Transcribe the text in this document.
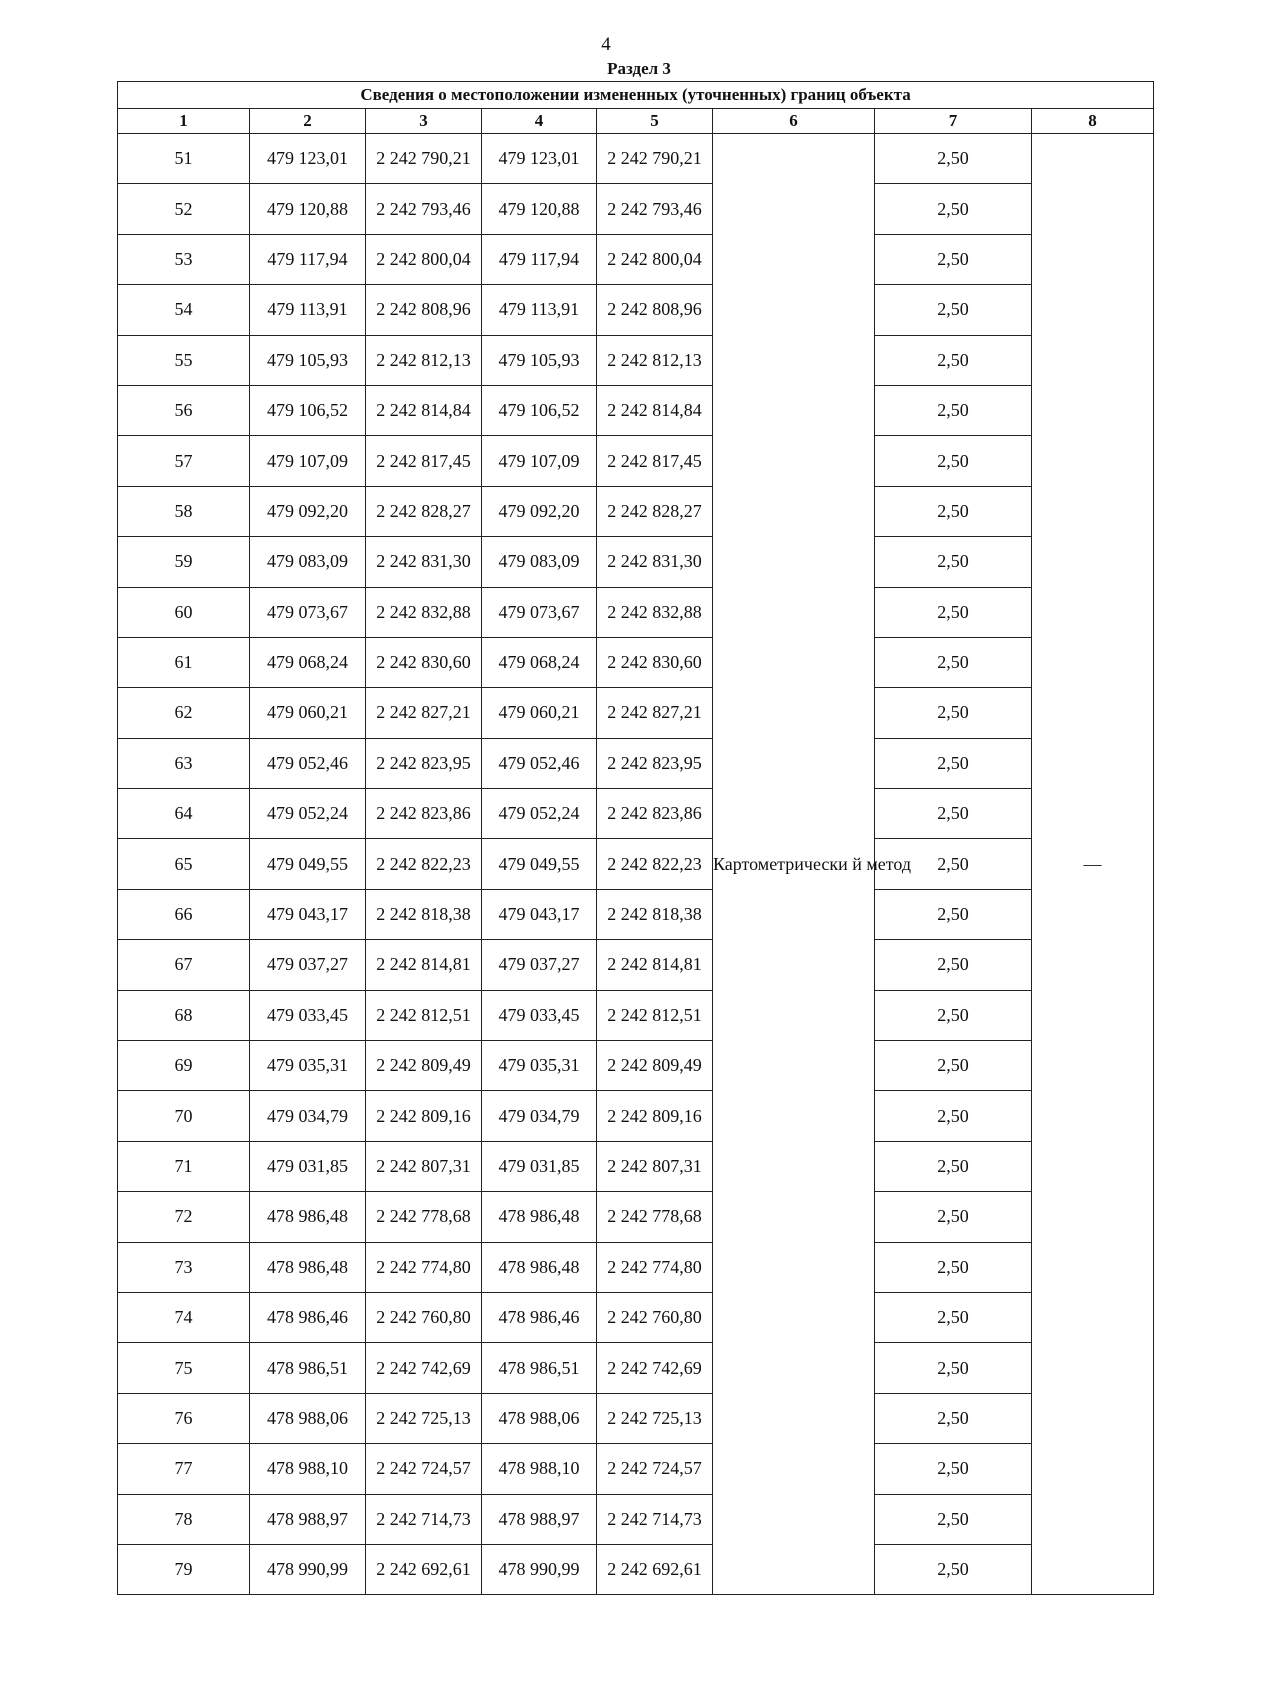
4
Раздел 3
Сведения о местоположении измененных (уточненных) границ объекта							
1	2	3	4	5	6	7	8
51	479 123,01	2 242 790,21	479 123,01	2 242 790,21	Картометрически й метод	2,50	—
52	479 120,88	2 242 793,46	479 120,88	2 242 793,46		2,50	
53	479 117,94	2 242 800,04	479 117,94	2 242 800,04		2,50	
54	479 113,91	2 242 808,96	479 113,91	2 242 808,96		2,50	
55	479 105,93	2 242 812,13	479 105,93	2 242 812,13		2,50	
56	479 106,52	2 242 814,84	479 106,52	2 242 814,84		2,50	
57	479 107,09	2 242 817,45	479 107,09	2 242 817,45		2,50	
58	479 092,20	2 242 828,27	479 092,20	2 242 828,27		2,50	
59	479 083,09	2 242 831,30	479 083,09	2 242 831,30		2,50	
60	479 073,67	2 242 832,88	479 073,67	2 242 832,88		2,50	
61	479 068,24	2 242 830,60	479 068,24	2 242 830,60		2,50	
62	479 060,21	2 242 827,21	479 060,21	2 242 827,21		2,50	
63	479 052,46	2 242 823,95	479 052,46	2 242 823,95		2,50	
64	479 052,24	2 242 823,86	479 052,24	2 242 823,86		2,50	
65	479 049,55	2 242 822,23	479 049,55	2 242 822,23		2,50	
66	479 043,17	2 242 818,38	479 043,17	2 242 818,38		2,50	
67	479 037,27	2 242 814,81	479 037,27	2 242 814,81		2,50	
68	479 033,45	2 242 812,51	479 033,45	2 242 812,51		2,50	
69	479 035,31	2 242 809,49	479 035,31	2 242 809,49		2,50	
70	479 034,79	2 242 809,16	479 034,79	2 242 809,16		2,50	
71	479 031,85	2 242 807,31	479 031,85	2 242 807,31		2,50	
72	478 986,48	2 242 778,68	478 986,48	2 242 778,68		2,50	
73	478 986,48	2 242 774,80	478 986,48	2 242 774,80		2,50	
74	478 986,46	2 242 760,80	478 986,46	2 242 760,80		2,50	
75	478 986,51	2 242 742,69	478 986,51	2 242 742,69		2,50	
76	478 988,06	2 242 725,13	478 988,06	2 242 725,13		2,50	
77	478 988,10	2 242 724,57	478 988,10	2 242 724,57		2,50	
78	478 988,97	2 242 714,73	478 988,97	2 242 714,73		2,50	
79	478 990,99	2 242 692,61	478 990,99	2 242 692,61		2,50	
